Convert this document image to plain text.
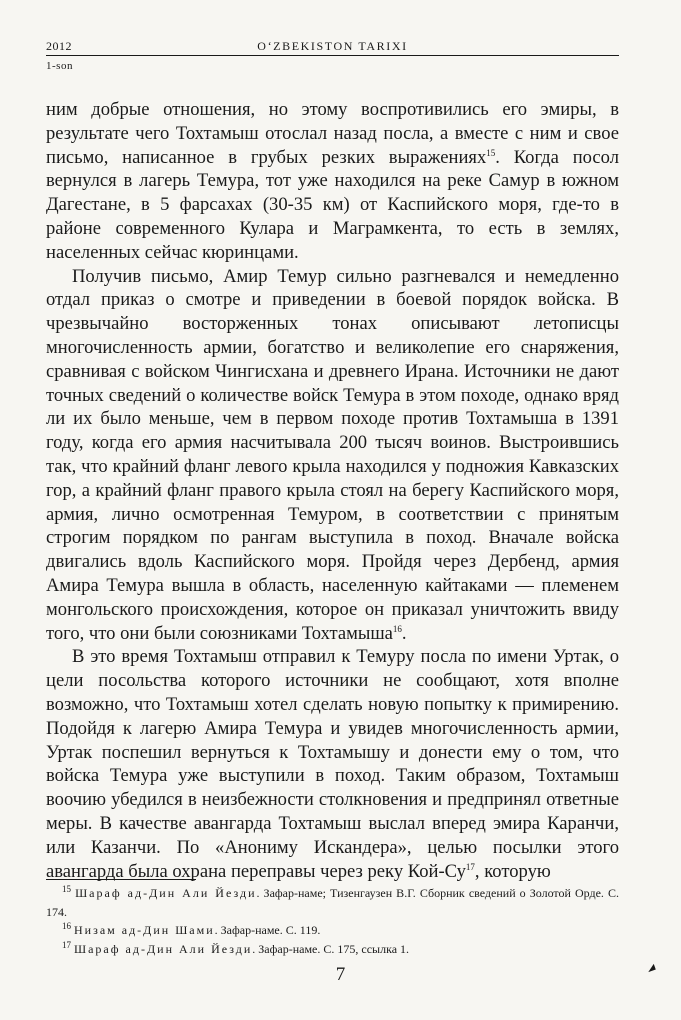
2012	O‘ZBEKISTON TARIXI
1-son

ним добрые отношения, но этому воспротивились его эмиры, в результате чего Тохтамыш отослал назад посла, а вместе с ним и свое письмо, написанное в грубых резких выражениях$^{15}$. Когда посол вернулся в лагерь Темура, тот уже находился на реке Самур в южном Дагестане, в 5 фарсахах (30-35 км) от Каспийского моря, где-то в районе современного Кулара и Маграмкента, то есть в землях, населенных сейчас кюринцами.

Получив письмо, Амир Темур сильно разгневался и немедленно отдал приказ о смотре и приведении в боевой порядок войска. В чрезвычайно восторженных тонах описывают летописцы многочисленность армии, богатство и великолепие его снаряжения, сравнивая с войском Чингисхана и древнего Ирана. Источники не дают точных сведений о количестве войск Темура в этом походе, однако вряд ли их было меньше, чем в первом походе против Тохтамыша в 1391 году, когда его армия насчитывала 200 тысяч воинов. Выстроившись так, что крайний фланг левого крыла находился у подножия Кавказских гор, а крайний фланг правого крыла стоял на берегу Каспийского моря, армия, лично осмотренная Темуром, в соответствии с принятым строгим порядком по рангам выступила в поход. Вначале войска двигались вдоль Каспийского моря. Пройдя через Дербенд, армия Амира Темура вышла в область, населенную кайтаками — племенем монгольского происхождения, которое он приказал уничтожить ввиду того, что они были союзниками Тохтамыша$^{16}$.

В это время Тохтамыш отправил к Темуру посла по имени Уртак, о цели посольства которого источники не сообщают, хотя вполне возможно, что Тохтамыш хотел сделать новую попытку к примирению. Подойдя к лагерю Амира Темура и увидев многочисленность армии, Уртак поспешил вернуться к Тохтамышу и донести ему о том, что войска Темура уже выступили в поход. Таким образом, Тохтамыш воочию убедился в неизбежности столкновения и предпринял ответные меры. В качестве авангарда Тохтамыш выслал вперед эмира Каранчи, или Казанчи. По «Анониму Искандера», целью посылки этого авангарда была охрана переправы через реку Кой-$Су^{17}$, которую

$^{15}$ Шараф ад-Дин Али Йезди. Зафар-наме; Тизенгаузен В.Г. Сборник сведений о Золотой Орде. С. 174.

$^{16}$ Низам ад-Дин Шами. Зафар-наме. С. 119.

$^{17}$ Шараф ад-Дин Али Йезди. Зафар-наме. С. 175, ссылка 1.

7
